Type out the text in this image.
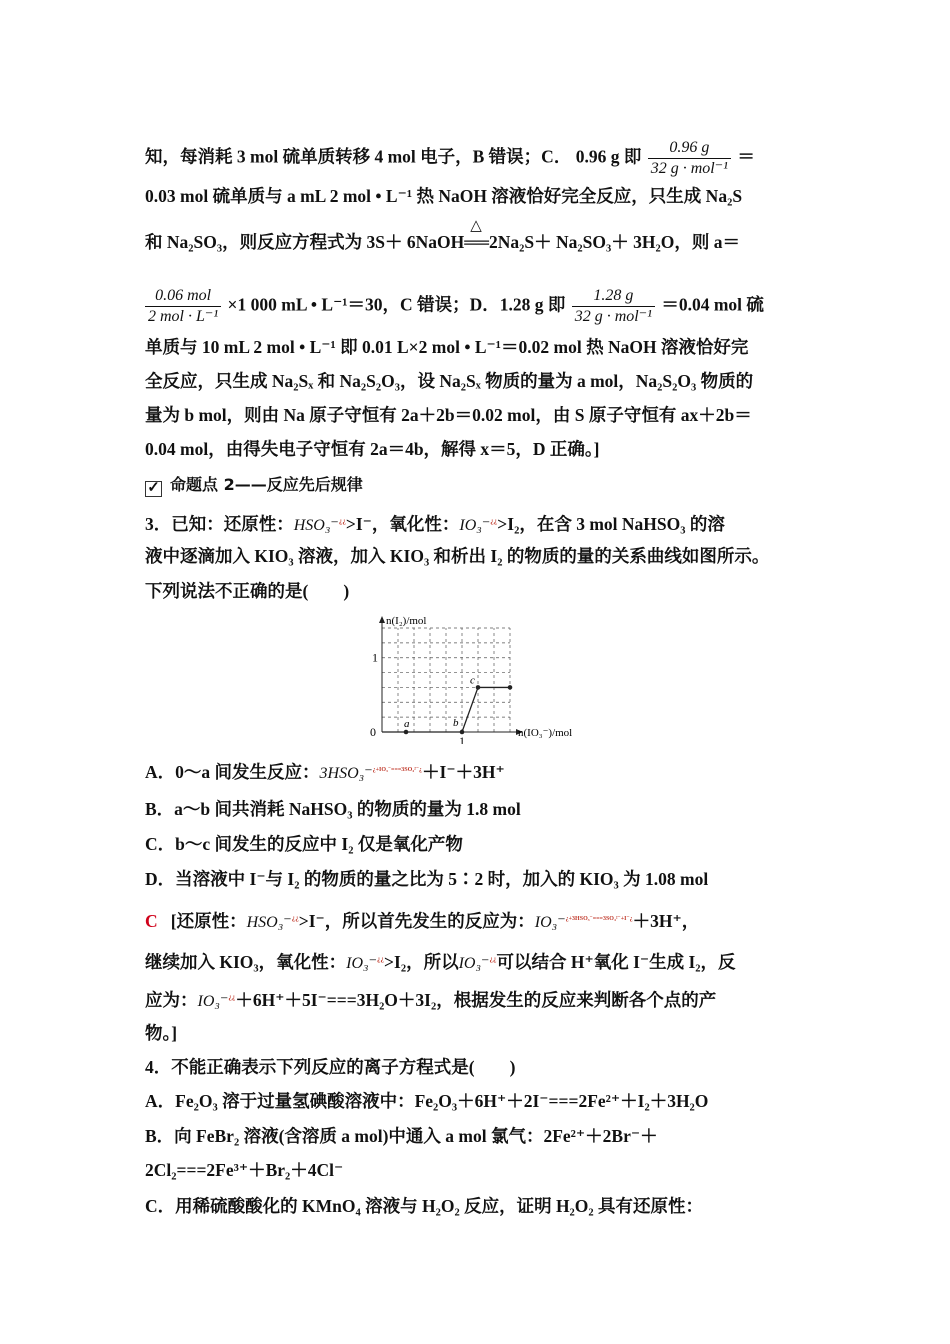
知，每消耗 3 mol 硫单质转移 4 mol 电子，B 错误；C． 0.96 g 即 $\frac{0.96 g}{\text{32 g · mol⁻¹}}$ ＝
0.03 mol 硫单质与 a mL 2 mol • L⁻¹ 热 NaOH 溶液恰好完全反应，只生成 Na₂S
和 Na₂SO₃，则反应方程式为 3S＋ 6NaOH
△
══2Na₂S＋ Na₂SO₃＋ 3H₂O，则 a＝
$\frac{\text{0.06 mol}}{\text{2 mol · L⁻¹}} \times 1$ 000 mL • L⁻¹＝30，C 错误；D．1.28 g 即 $\frac{1.28 g}{\text{32 g · mol⁻¹}} =0.04$ mol 硫
单质与 10 mL 2 mol • L⁻¹ 即 0.01 L×2 mol • L⁻¹＝0.02 mol 热 NaOH 溶液恰好完
全反应，只生成 Na₂Sₓ 和 Na₂S₂O₃，设 Na₂Sₓ 物质的量为 a mol，Na₂S₂O₃ 物质的
量为 b mol，则由 Na 原子守恒有 2a＋2b＝0.02 mol，由 S 原子守恒有 ax＋2b＝
0.04 mol，由得失电子守恒有 2a＝4b，解得 x＝5，D 正确。]
✓ 命题点 2——反应先后规律
3．已知：还原性：HSO₃⁻¿¿>I⁻，氧化性：IO₃⁻¿¿>I₂，在含 3 mol NaHSO₃ 的溶
液中逐滴加入 KIO₃ 溶液，加入 KIO₃ 和析出 I₂ 的物质的量的关系曲线如图所示。
下列说法不正确的是(　　)
n(I₂)/mol
n(IO₃⁻)/mol
0
1
1
a	b
c
A．0～a 间发生反应：3HSO₃⁻$^{¿+IO_3^-===3SO_4^{2-}¿}$＋I⁻＋3H⁺
B．a～b 间共消耗 NaHSO₃ 的物质的量为 1.8 mol
C．b～c 间发生的反应中 I₂ 仅是氧化产物
D．当溶液中 I⁻与 I₂ 的物质的量之比为 5∶2 时，加入的 KIO₃ 为 1.08 mol
C [还原性：HSO₃⁻¿¿>I⁻，所以首先发生的反应为：IO₃⁻$^{¿+3HSO_3^-===3SO_4^{2-}+I^-¿}$＋3H⁺，
继续加入 KIO₃，氧化性：IO₃⁻¿¿>I₂，所以IO₃⁻¿¿可以结合 H⁺氧化 I⁻生成 I₂，反
应为：IO₃⁻¿¿＋6H⁺＋5I⁻===3H₂O＋3I₂，根据发生的反应来判断各个点的产
物。]
4．不能正确表示下列反应的离子方程式是(　　)
A．Fe₂O₃ 溶于过量氢碘酸溶液中：Fe₂O₃＋6H⁺＋2I⁻===2Fe²⁺＋I₂＋3H₂O
B．向 FeBr₂ 溶液(含溶质 a mol)中通入 a mol 氯气：2Fe²⁺＋2Br⁻＋
2Cl₂===2Fe³⁺＋Br₂＋4Cl⁻
C．用稀硫酸酸化的 KMnO₄ 溶液与 H₂O₂ 反应，证明 H₂O₂ 具有还原性：
